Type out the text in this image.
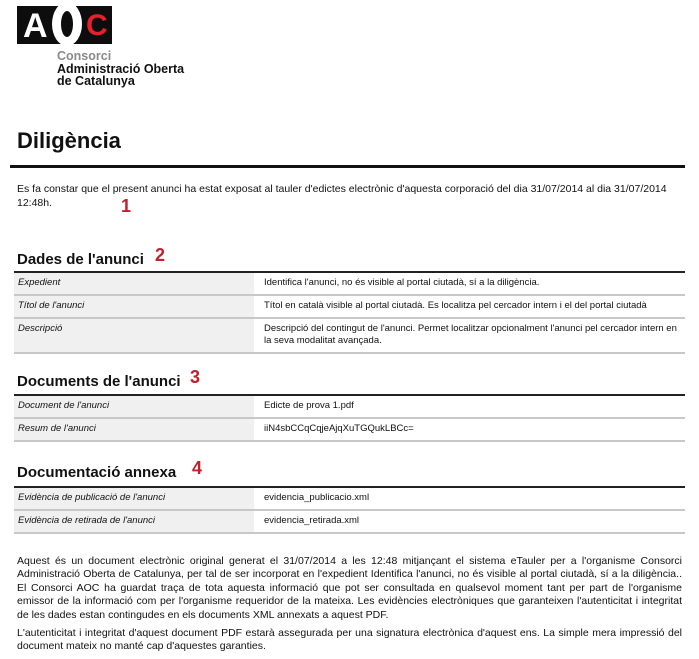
A C
Consorci
Administració Oberta
de Catalunya
Diligència
Es fa constar que el present anunci ha estat exposat al tauler d'edictes electrònic d'aquesta corporació del dia 31/07/2014 al dia 31/07/2014 12:48h.	1
Dades de l'anunci 2
Expedient	Identifica l'anunci, no és visible al portal ciutadà, sí a la diligència.
Títol de l'anunci	Títol en català visible al portal ciutadà. Es localitza pel cercador intern i el del portal ciutadà
Descripció	Descripció del contingut de l'anunci. Permet localitzar opcionalment l'anunci pel cercador intern en la seva modalitat avançada.
Documents de l'anunci 3
Document de l'anunci	Edicte de prova 1.pdf
Resum de l'anunci	iiN4sbCCqCqjeAjqXuTGQukLBCc=
Documentació annexa 4
Evidència de publicació de l'anunci	evidencia_publicacio.xml
Evidència de retirada de l'anunci	evidencia_retirada.xml

Aquest és un document electrònic original generat el 31/07/2014 a les 12:48 mitjançant el sistema eTauler per a l'organisme Consorci Administració Oberta de Catalunya, per tal de ser incorporat en l'expedient Identifica l'anunci, no és visible al portal ciutadà, sí a la diligència.. El Consorci AOC ha guardat traça de tota aquesta informació que pot ser consultada en qualsevol moment tant per part de l'organisme emissor de la informació com per l'organisme requeridor de la mateixa. Les evidències electròniques que garanteixen l'autenticitat i integritat de les dades estan contingudes en els documents XML annexats a aquest PDF.

L'autenticitat i integritat d'aquest document PDF estarà assegurada per una signatura electrònica d'aquest ens. La simple mera impressió del document mateix no manté cap d'aquestes garanties.
